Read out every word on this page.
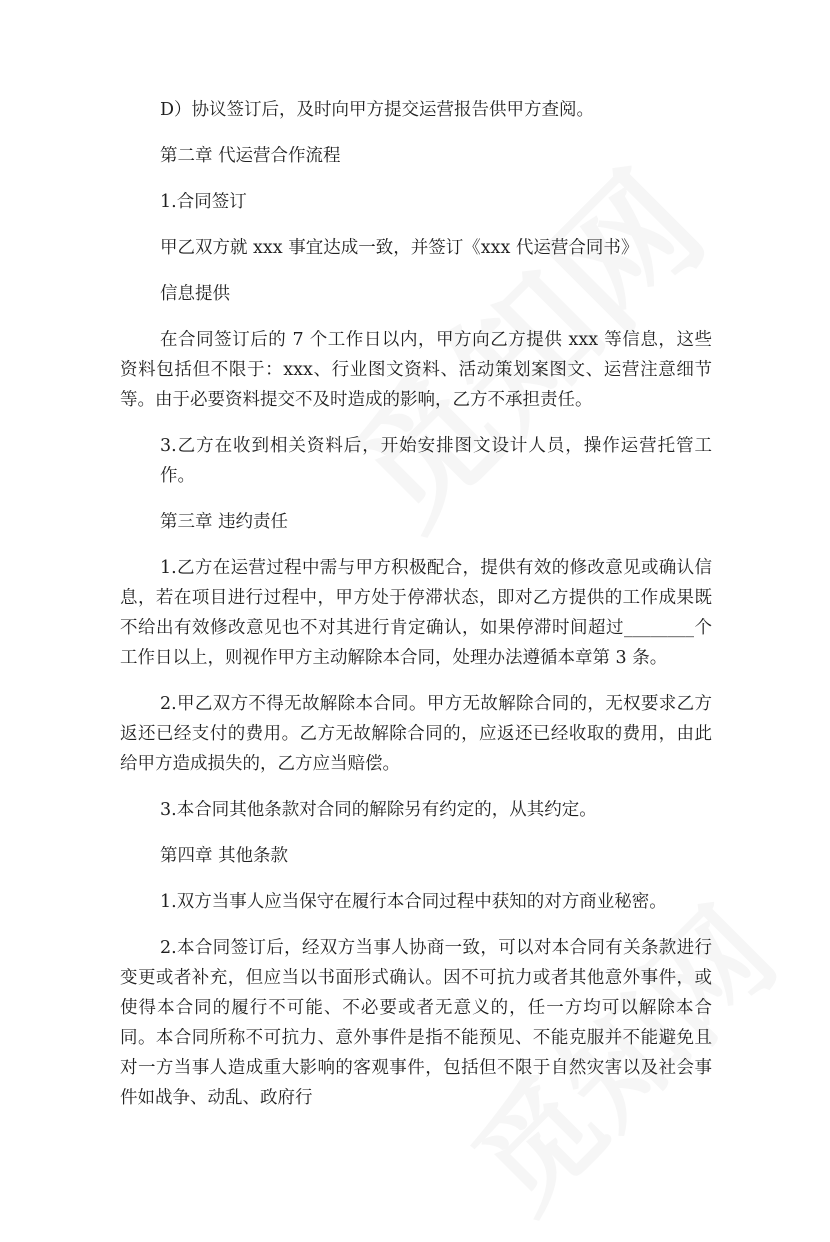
D）协议签订后，及时向甲方提交运营报告供甲方查阅。

第二章 代运营合作流程

1.合同签订

甲乙双方就 xxx 事宜达成一致，并签订《xxx 代运营合同书》

信息提供

在合同签订后的 7 个工作日以内，甲方向乙方提供 xxx 等信息，这些资料包括但不限于：xxx、行业图文资料、活动策划案图文、运营注意细节等。由于必要资料提交不及时造成的影响，乙方不承担责任。

3.乙方在收到相关资料后，开始安排图文设计人员，操作运营托管工作。

第三章 违约责任

1.乙方在运营过程中需与甲方积极配合，提供有效的修改意见或确认信息，若在项目进行过程中，甲方处于停滞状态，即对乙方提供的工作成果既不给出有效修改意见也不对其进行肯定确认，如果停滞时间超过________个工作日以上，则视作甲方主动解除本合同，处理办法遵循本章第 3 条。

2.甲乙双方不得无故解除本合同。甲方无故解除合同的，无权要求乙方返还已经支付的费用。乙方无故解除合同的，应返还已经收取的费用，由此给甲方造成损失的，乙方应当赔偿。

3.本合同其他条款对合同的解除另有约定的，从其约定。

第四章 其他条款

1.双方当事人应当保守在履行本合同过程中获知的对方商业秘密。

2.本合同签订后，经双方当事人协商一致，可以对本合同有关条款进行变更或者补充，但应当以书面形式确认。因不可抗力或者其他意外事件，或使得本合同的履行不可能、不必要或者无意义的，任一方均可以解除本合同。本合同所称不可抗力、意外事件是指不能预见、不能克服并不能避免且对一方当事人造成重大影响的客观事件，包括但不限于自然灾害以及社会事件如战争、动乱、政府行
